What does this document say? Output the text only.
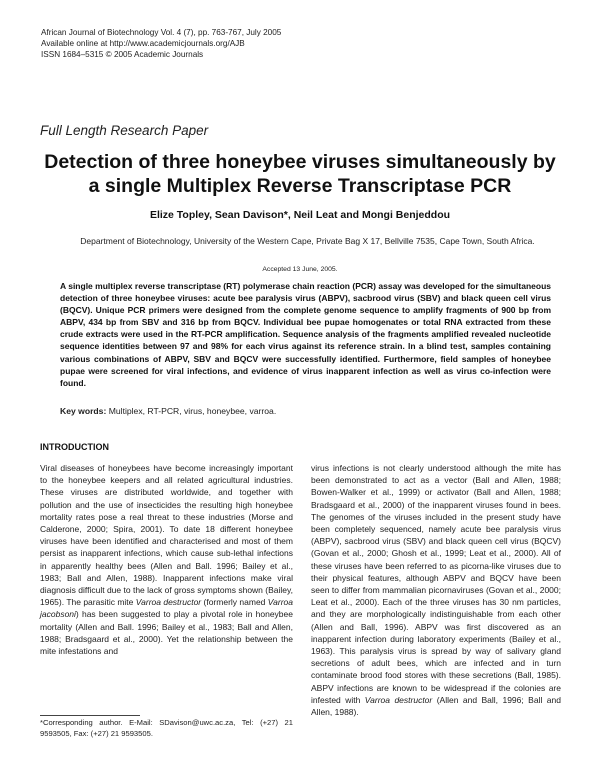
African Journal of Biotechnology Vol. 4 (7), pp. 763-767, July 2005
Available online at http://www.academicjournals.org/AJB
ISSN 1684–5315 © 2005 Academic Journals
Full Length Research Paper
Detection of three honeybee viruses simultaneously by
a single Multiplex Reverse Transcriptase PCR
Elize Topley, Sean Davison*, Neil Leat and Mongi Benjeddou
Department of Biotechnology, University of the Western Cape, Private Bag X 17, Bellville 7535, Cape Town, South Africa.
Accepted 13 June, 2005.
A single multiplex reverse transcriptase (RT) polymerase chain reaction (PCR) assay was developed for the simultaneous detection of three honeybee viruses: acute bee paralysis virus (ABPV), sacbrood virus (SBV) and black queen cell virus (BQCV). Unique PCR primers were designed from the complete genome sequence to amplify fragments of 900 bp from ABPV, 434 bp from SBV and 316 bp from BQCV. Individual bee pupae homogenates or total RNA extracted from these crude extracts were used in the RT-PCR amplification. Sequence analysis of the fragments amplified revealed nucleotide sequence identities between 97 and 98% for each virus against its reference strain. In a blind test, samples containing various combinations of ABPV, SBV and BQCV were successfully identified. Furthermore, field samples of honeybee pupae were screened for viral infections, and evidence of virus inapparent infection as well as virus co-infection were found.
Key words: Multiplex, RT-PCR, virus, honeybee, varroa.
INTRODUCTION

Viral diseases of honeybees have become increasingly important to the honeybee keepers and all related agricultural industries. These viruses are distributed worldwide, and together with pollution and the use of insecticides the resulting high honeybee mortality rates pose a real threat to these industries (Morse and Calderone, 2000; Spira, 2001). To date 18 different honeybee viruses have been identified and characterised and most of them persist as inapparent infections, which cause sub-lethal infections in apparently healthy bees (Allen and Ball. 1996; Bailey et al., 1983; Ball and Allen, 1988). Inapparent infections make viral diagnosis difficult due to the lack of gross symptoms shown (Bailey, 1965). The parasitic mite Varroa destructor (formerly named Varroa jacobsoni) has been suggested to play a pivotal role in honeybee mortality (Allen and Ball. 1996; Bailey et al., 1983; Ball and Allen, 1988; Bradsgaard et al., 2000). Yet the relationship between the mite infestations and

virus infections is not clearly understood although the mite has been demonstrated to act as a vector (Ball and Allen, 1988; Bowen-Walker et al., 1999) or activator (Ball and Allen, 1988; Bradsgaard et al., 2000) of the inapparent viruses found in bees. The genomes of the viruses included in the present study have been completely sequenced, namely acute bee paralysis virus (ABPV), sacbrood virus (SBV) and black queen cell virus (BQCV) (Govan et al., 2000; Ghosh et al., 1999; Leat et al., 2000). All of these viruses have been referred to as picorna-like viruses due to their physical features, although ABPV and BQCV have been seen to differ from mammalian picornaviruses (Govan et al., 2000; Leat et al., 2000). Each of the three viruses has 30 nm particles, and they are morphologically indistinguishable from each other (Allen and Ball, 1996). ABPV was first discovered as an inapparent infection during laboratory experiments (Bailey et al., 1963). This paralysis virus is spread by way of salivary gland secretions of adult bees, which are infected and in turn contaminate brood food stores with these secretions (Ball, 1985). ABPV infections are known to be widespread if the colonies are infested with Varroa destructor (Allen and Ball, 1996; Ball and Allen, 1988).

*Corresponding author. E-Mail: SDavison@uwc.ac.za, Tel: (+27) 21 9593505, Fax: (+27) 21 9593505.
